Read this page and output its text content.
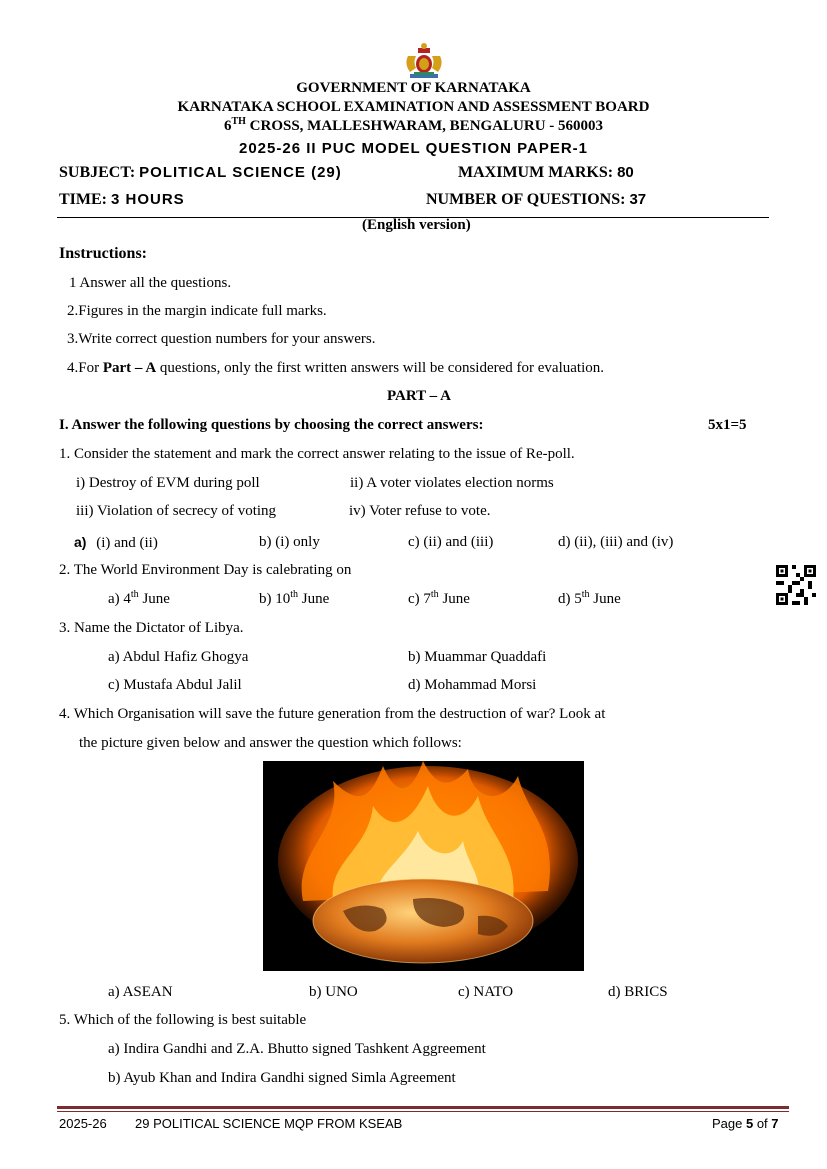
GOVERNMENT OF KARNATAKA
KARNATAKA SCHOOL EXAMINATION AND ASSESSMENT BOARD
6TH CROSS, MALLESHWARAM, BENGALURU - 560003
2025-26 II PUC MODEL QUESTION PAPER-1
SUBJECT: POLITICAL SCIENCE (29)	MAXIMUM MARKS: 80
TIME: 3 HOURS	NUMBER OF QUESTIONS: 37
(English version)
Instructions:
1 Answer all the questions.
2.Figures in the margin indicate full marks.
3.Write correct question numbers for your answers.
4.For Part – A questions, only the first written answers will be considered for evaluation.
PART – A
I. Answer the following questions by choosing the correct answers:	5x1=5
1. Consider the statement and mark the correct answer relating to the issue of Re-poll.
i) Destroy of EVM during poll	ii) A voter violates election norms
iii) Violation of secrecy of voting	iv) Voter refuse to vote.
a) (i) and (ii)	b) (i) only	c) (ii) and (iii)	d) (ii), (iii) and (iv)
2. The World Environment Day is calebrating on
a) 4th June	b) 10th June	c) 7th June	d) 5th June
3. Name the Dictator of Libya.
a) Abdul Hafiz Ghogya	b) Muammar Quaddafi
c) Mustafa Abdul Jalil	d) Mohammad Morsi
4. Which Organisation will save the future generation from the destruction of war? Look at
the picture given below and answer the question which follows:
a) ASEAN	b) UNO	c) NATO	d) BRICS
5. Which of the following is best suitable
a) Indira Gandhi and Z.A. Bhutto signed Tashkent Aggreement
b) Ayub Khan and Indira Gandhi signed Simla Agreement
2025-26 29 POLITICAL SCIENCE MQP FROM KSEAB	Page 5 of 7
